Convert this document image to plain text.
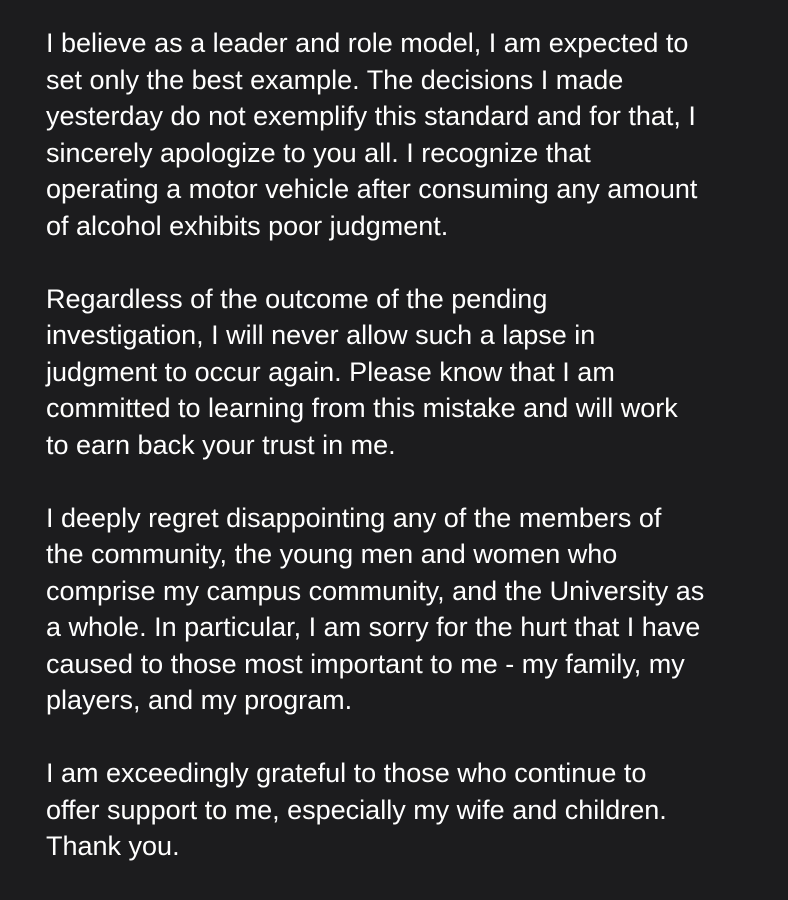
I believe as a leader and role model, I am expected to
set only the best example. The decisions I made
yesterday do not exemplify this standard and for that, I
sincerely apologize to you all. I recognize that
operating a motor vehicle after consuming any amount
of alcohol exhibits poor judgment.

Regardless of the outcome of the pending
investigation, I will never allow such a lapse in
judgment to occur again. Please know that I am
committed to learning from this mistake and will work
to earn back your trust in me.

I deeply regret disappointing any of the members of
the community, the young men and women who
comprise my campus community, and the University as
a whole. In particular, I am sorry for the hurt that I have
caused to those most important to me - my family, my
players, and my program.

I am exceedingly grateful to those who continue to
offer support to me, especially my wife and children.
Thank you.
